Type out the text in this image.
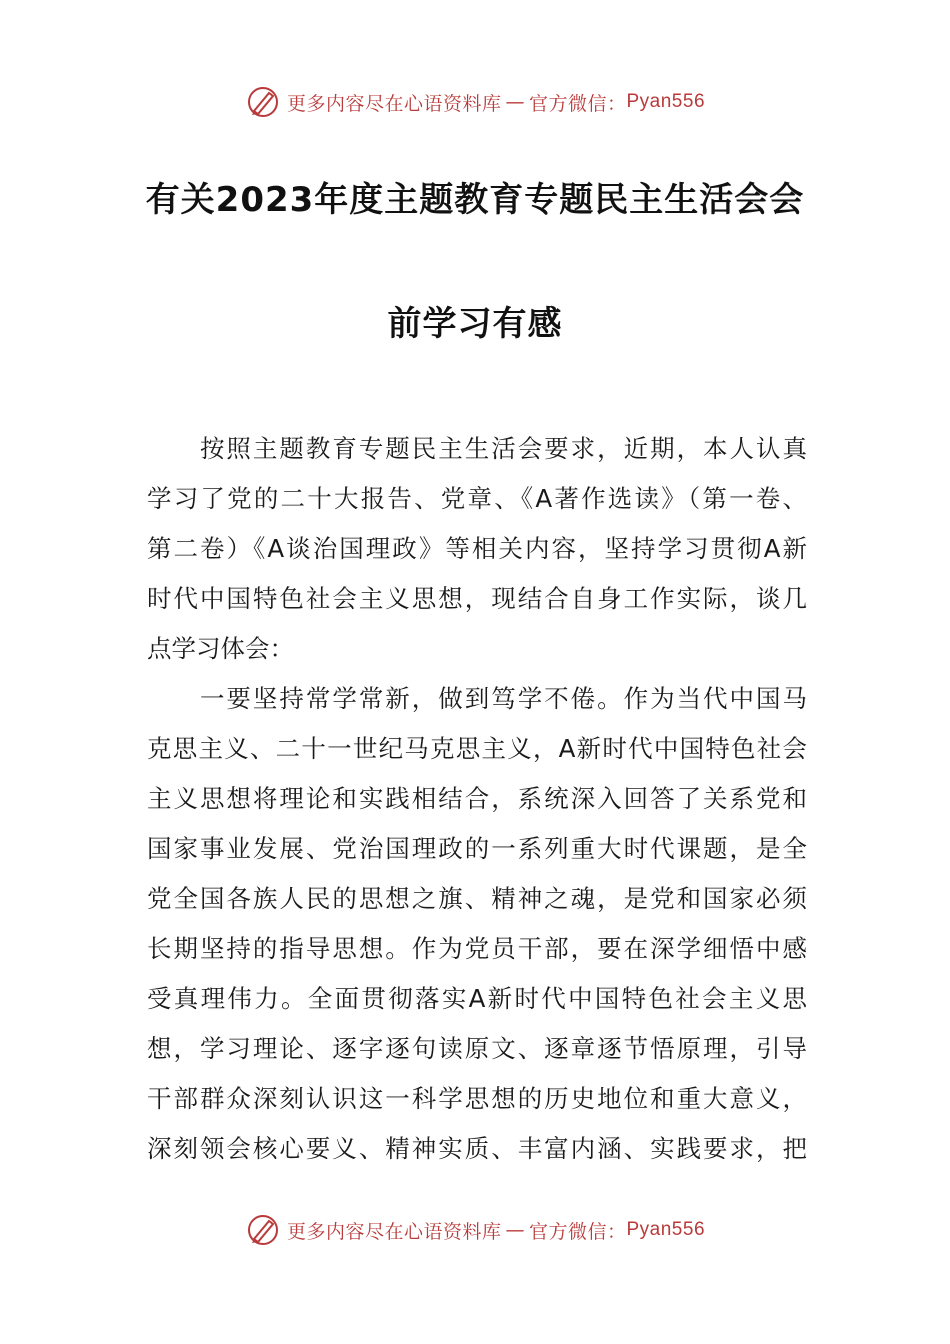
更多内容尽在心语资料库 — 官方微信： Pyan556
有关2023年度主题教育专题民主生活会会
前学习有感
　　按照主题教育专题民主生活会要求，近期，本人认真
学习了党的二十大报告、党章、《A著作选读》（第一卷、
第二卷）《A谈治国理政》等相关内容，坚持学习贯彻A新
时代中国特色社会主义思想，现结合自身工作实际，谈几
点学习体会：
　　一要坚持常学常新，做到笃学不倦。作为当代中国马
克思主义、二十一世纪马克思主义，A新时代中国特色社会
主义思想将理论和实践相结合，系统深入回答了关系党和
国家事业发展、党治国理政的一系列重大时代课题，是全
党全国各族人民的思想之旗、精神之魂，是党和国家必须
长期坚持的指导思想。作为党员干部，要在深学细悟中感
受真理伟力。全面贯彻落实A新时代中国特色社会主义思
想，学习理论、逐字逐句读原文、逐章逐节悟原理，引导
干部群众深刻认识这一科学思想的历史地位和重大意义，
深刻领会核心要义、精神实质、丰富内涵、实践要求，把
更多内容尽在心语资料库 — 官方微信： Pyan556
